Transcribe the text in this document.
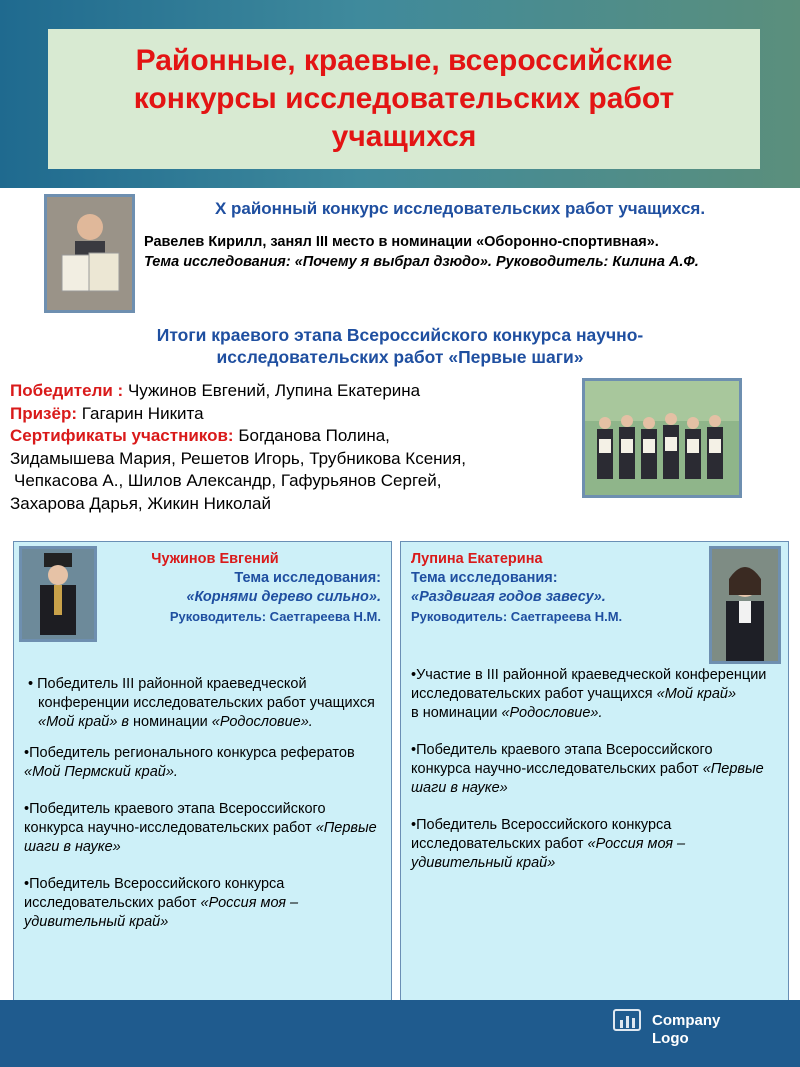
Районные, краевые, всероссийские
конкурсы исследовательских работ
учащихся
X районный конкурс исследовательских работ учащихся.
Равелев Кирилл, занял III место в номинации «Оборонно-спортивная».
Тема исследования: «Почему я выбрал дзюдо». Руководитель: Килина А.Ф.
Итоги краевого этапа Всероссийского конкурса научно-
исследовательских работ «Первые шаги»
Победители : Чужинов Евгений, Лупина Екатерина
Призёр: Гагарин Никита
Сертификаты участников: Богданова Полина,
Зидамышева Мария, Решетов Игорь, Трубникова Ксения,
Чепкасова А., Шилов Александр, Гафурьянов Сергей,
Захарова Дарья, Жикин Николай
Чужинов Евгений
Тема исследования:
«Корнями дерево сильно».
Руководитель: Саетгареева Н.М.

• Победитель III районной краеведческой конференции исследовательских работ учащихся «Мой край» в номинации «Родословие».

•Победитель регионального конкурса рефератов «Мой Пермский край».

•Победитель краевого этапа Всероссийского конкурса научно-исследовательских работ «Первые шаги в науке»

•Победитель Всероссийского конкурса исследовательских работ «Россия моя – удивительный край»

Лупина Екатерина
Тема исследования:
«Раздвигая годов завесу».
Руководитель: Саетгареева Н.М.

•Участие в III районной краеведческой конференции исследовательских работ учащихся «Мой край»
в номинации «Родословие».

•Победитель краевого этапа Всероссийского конкурса научно-исследовательских работ «Первые шаги в науке»

•Победитель Всероссийского конкурса исследовательских работ «Россия моя – удивительный край»

Company
Logo
